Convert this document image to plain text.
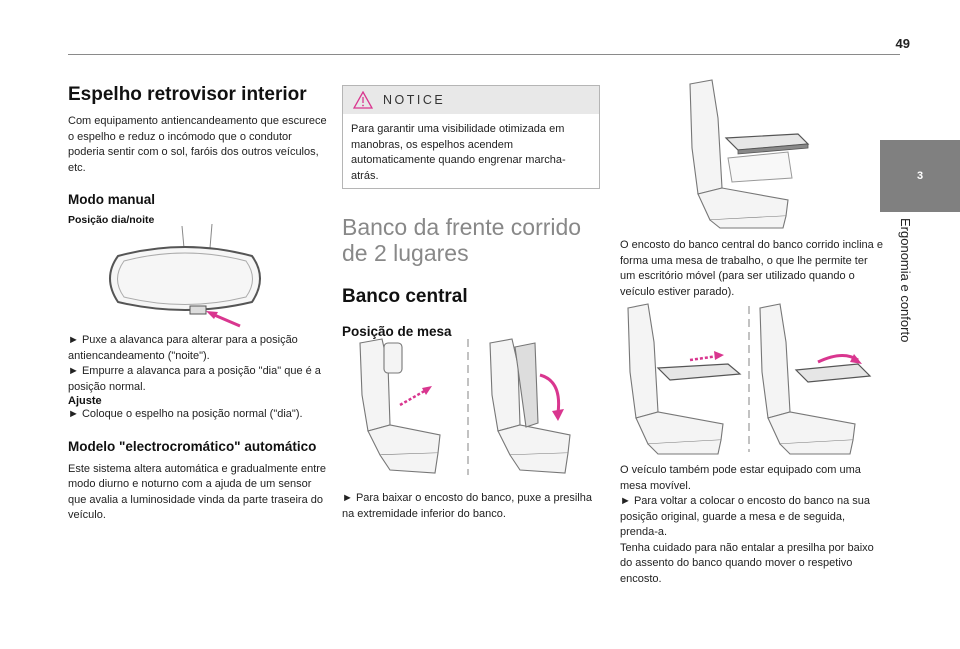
49
3
Ergonomia e conforto
Espelho retrovisor interior

Com equipamento antiencandeamento que escurece o espelho e reduz o incómodo que o condutor poderia sentir com o sol, faróis dos outros veículos, etc.

Modo manual
Posição dia/noite

► Puxe a alavanca para alterar para a posição antiencandeamento ("noite").

► Empurre a alavanca para a posição "dia" que é a posição normal.

Ajuste

► Coloque o espelho na posição normal ("dia").

Modelo "electrocromático" automático

Este sistema altera automática e gradualmente entre modo diurno e noturno com a ajuda de um sensor que avalia a luminosidade vinda da parte traseira do veículo.

NOTICE

Para garantir uma visibilidade otimizada em manobras, os espelhos acendem automaticamente quando engrenar marcha-atrás.

Banco da frente corrido de 2 lugares
Banco central
Posição de mesa

► Para baixar o encosto do banco, puxe a presilha na extremidade inferior do banco.

O encosto do banco central do banco corrido inclina e forma uma mesa de trabalho, o que lhe permite ter um escritório móvel (para ser utilizado quando o veículo estiver parado).

O veículo também pode estar equipado com uma mesa movível.

► Para voltar a colocar o encosto do banco na sua posição original, guarde a mesa e de seguida, prenda-a.

Tenha cuidado para não entalar a presilha por baixo do assento do banco quando mover o respetivo encosto.
